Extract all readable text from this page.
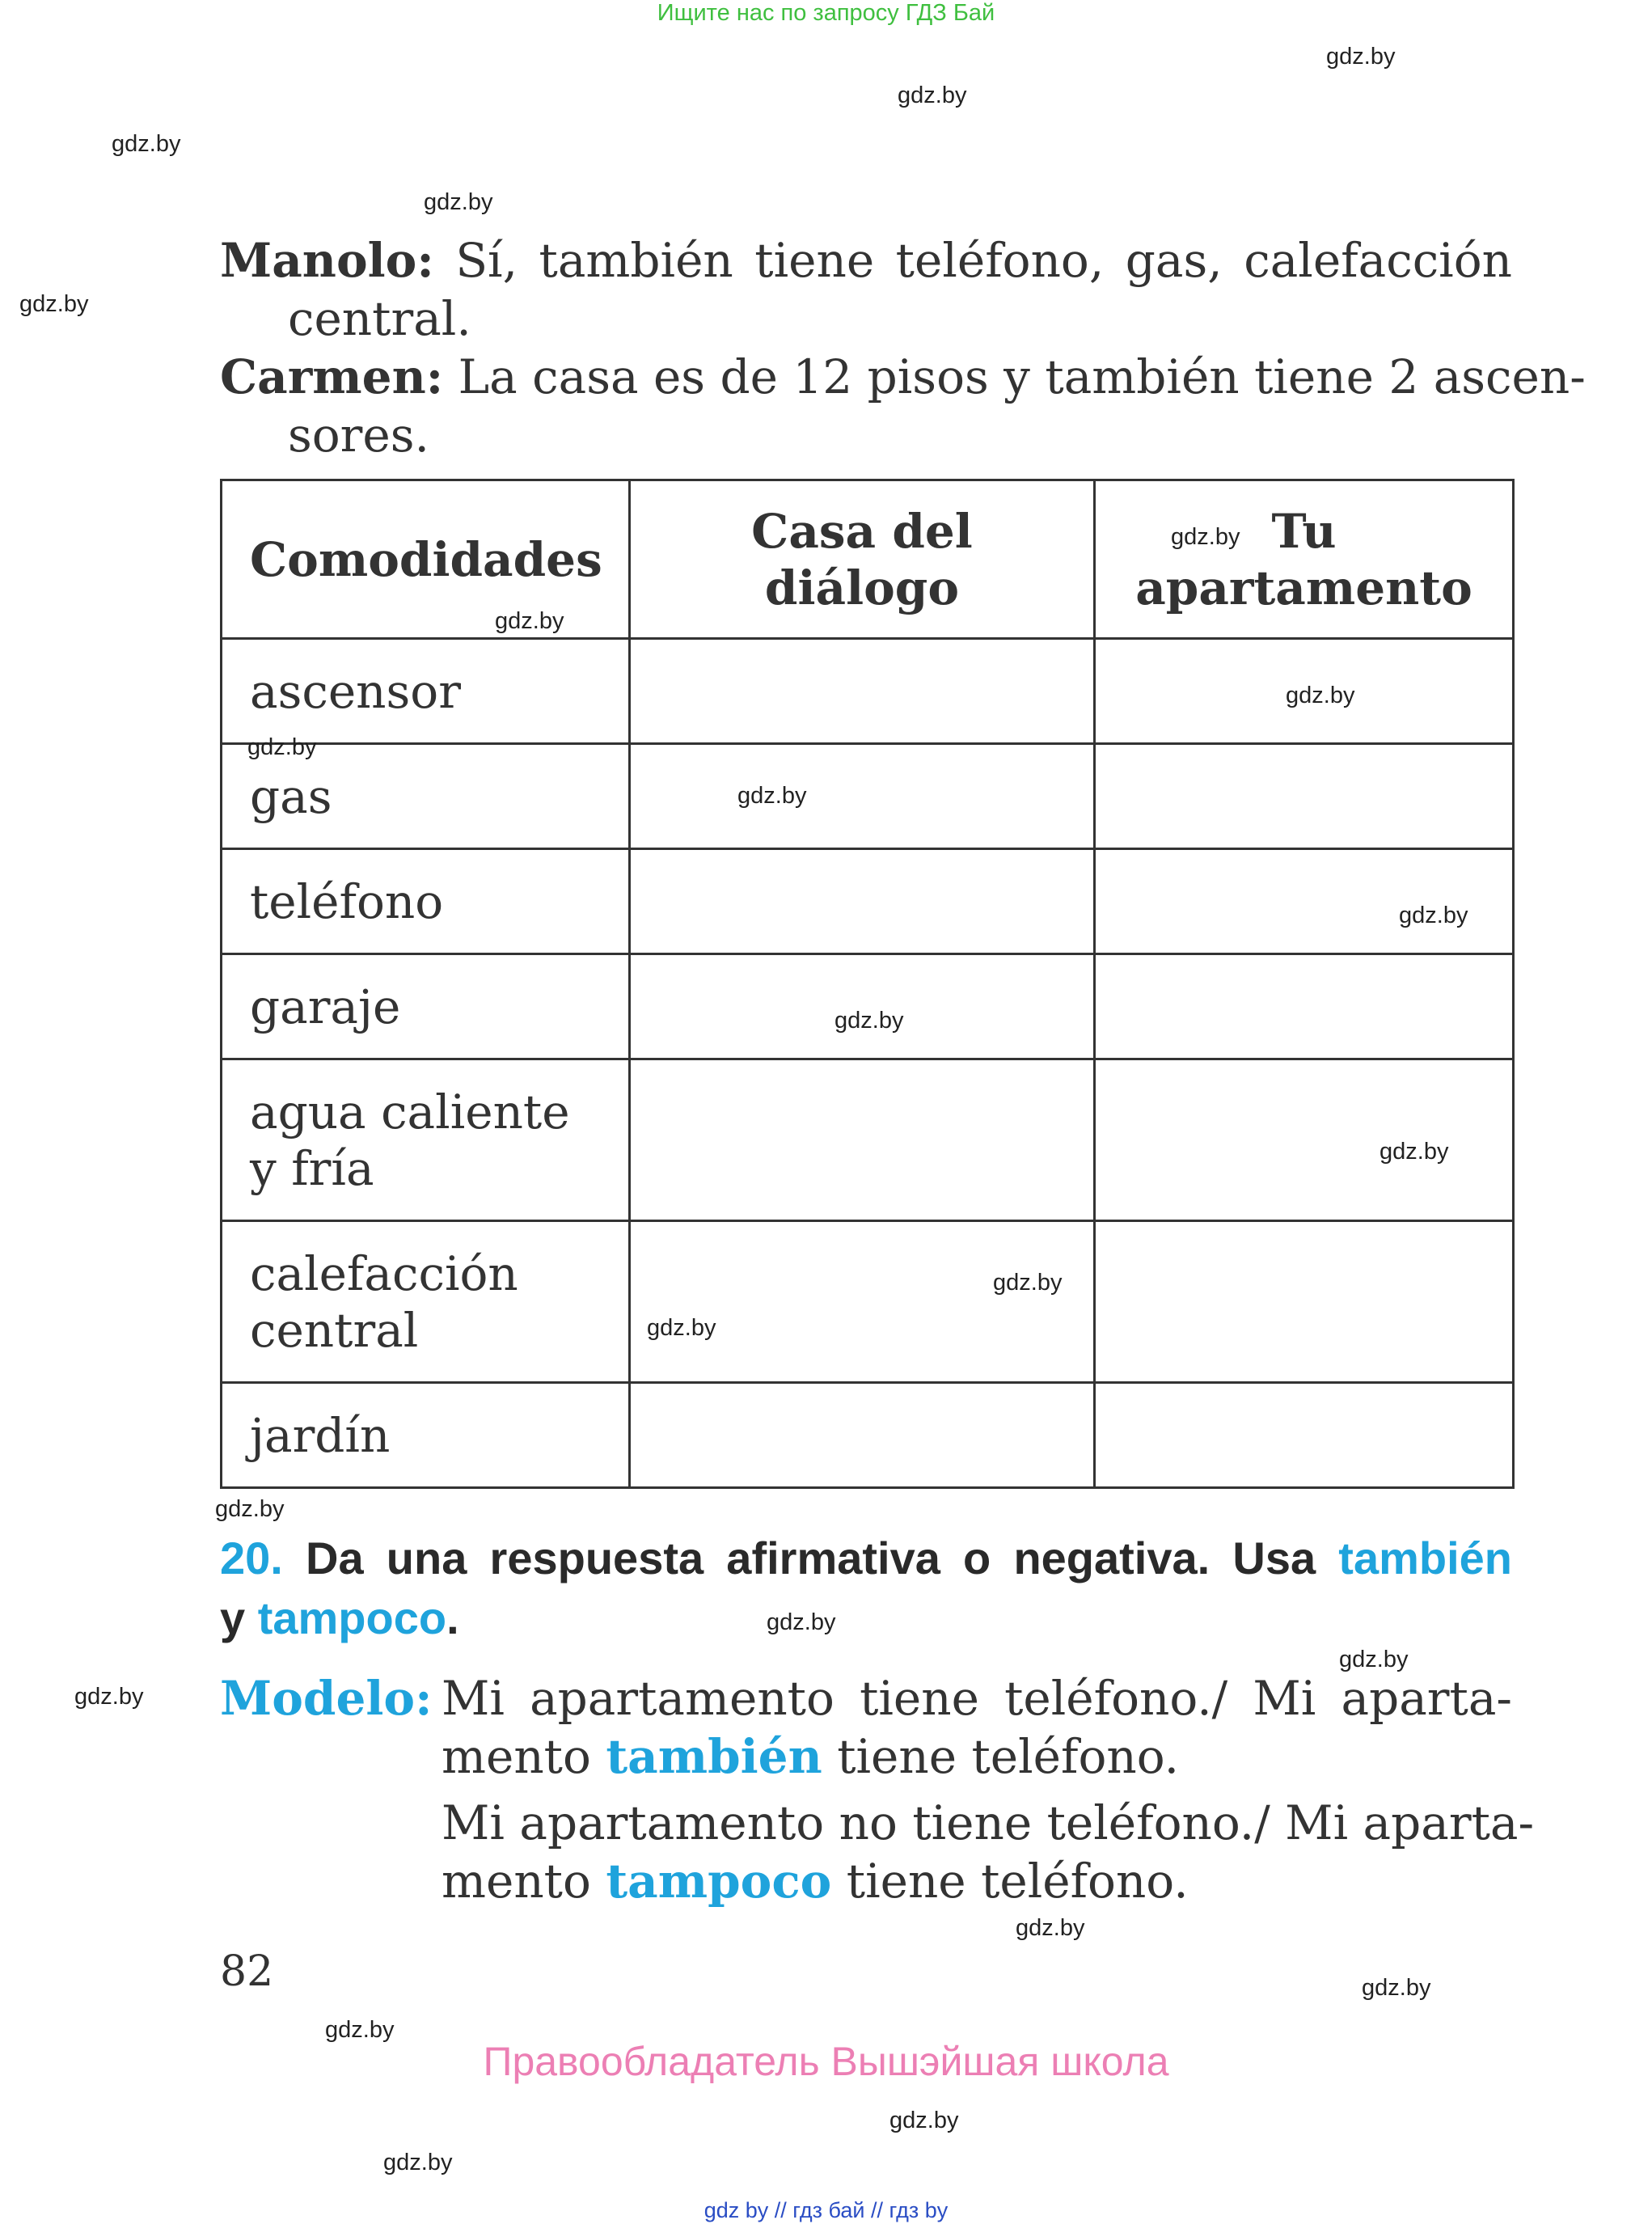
Ищите нас по запросу ГДЗ Бай
gdz.by
gdz.by
gdz.by
gdz.by
gdz.by
Manolo: Sí, también tiene teléfono, gas, calefacción
central.
Carmen: La casa es de 12 pisos y también tiene 2 ascen-
sores.
Comodidades	Casa del diálogo	Tu apartamento
ascensor		
gas		
teléfono		
garaje		
agua caliente y fría		
calefacción central		
jardín		
gdz.by
gdz.by
gdz.by
gdz.by
gdz.by
gdz.by
gdz.by
gdz.by
gdz.by
gdz.by
gdz.by
20. Da una respuesta afirmativa o negativa. Usa también
y tampoco.	gdz.by
gdz.by
gdz.by Modelo: Mi apartamento tiene teléfono./ Mi aparta-
mento también tiene teléfono.
Mi apartamento no tiene teléfono./ Mi aparta-
mento tampoco tiene teléfono.
gdz.by
82	gdz.by
gdz.by
Правообладатель Вышэйшая школа
gdz.by
gdz.by
gdz by // гдз бай // гдз by
